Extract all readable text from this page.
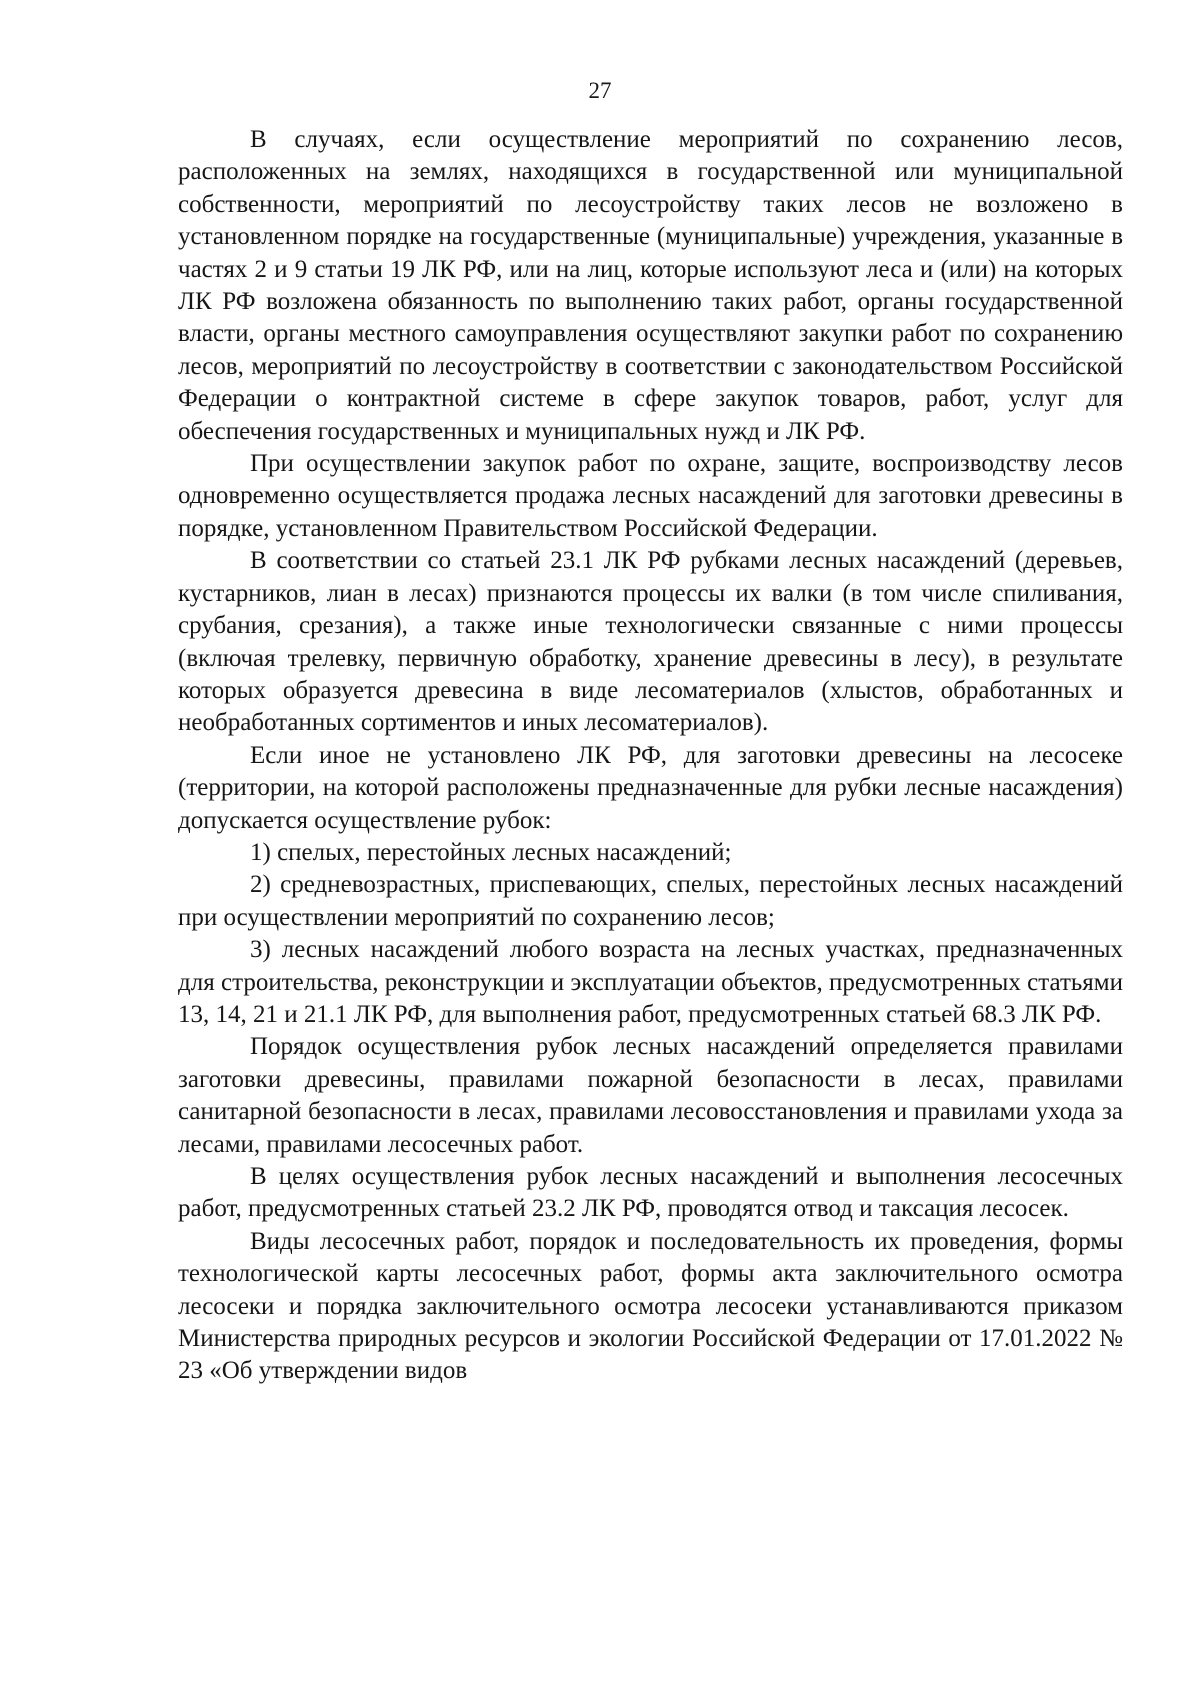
27

В случаях, если осуществление мероприятий по сохранению лесов, расположенных на землях, находящихся в государственной или муниципальной собственности, мероприятий по лесоустройству таких лесов не возложено в установленном порядке на государственные (муниципальные) учреждения, указанные в частях 2 и 9 статьи 19 ЛК РФ, или на лиц, которые используют леса и (или) на которых ЛК РФ возложена обязанность по выполнению таких работ, органы государственной власти, органы местного самоуправления осуществляют закупки работ по сохранению лесов, мероприятий по лесоустройству в соответствии с законодательством Российской Федерации о контрактной системе в сфере закупок товаров, работ, услуг для обеспечения государственных и муниципальных нужд и ЛК РФ.

При осуществлении закупок работ по охране, защите, воспроизводству лесов одновременно осуществляется продажа лесных насаждений для заготовки древесины в порядке, установленном Правительством Российской Федерации.

В соответствии со статьей 23.1 ЛК РФ рубками лесных насаждений (деревьев, кустарников, лиан в лесах) признаются процессы их валки (в том числе спиливания, срубания, срезания), а также иные технологически связанные с ними процессы (включая трелевку, первичную обработку, хранение древесины в лесу), в результате которых образуется древесина в виде лесоматериалов (хлыстов, обработанных и необработанных сортиментов и иных лесоматериалов).

Если иное не установлено ЛК РФ, для заготовки древесины на лесосеке (территории, на которой расположены предназначенные для рубки лесные насаждения) допускается осуществление рубок:

1) спелых, перестойных лесных насаждений;

2) средневозрастных, приспевающих, спелых, перестойных лесных насаждений при осуществлении мероприятий по сохранению лесов;

3) лесных насаждений любого возраста на лесных участках, предназначенных для строительства, реконструкции и эксплуатации объектов, предусмотренных статьями 13, 14, 21 и 21.1 ЛК РФ, для выполнения работ, предусмотренных статьей 68.3 ЛК РФ.

Порядок осуществления рубок лесных насаждений определяется правилами заготовки древесины, правилами пожарной безопасности в лесах, правилами санитарной безопасности в лесах, правилами лесовосстановления и правилами ухода за лесами, правилами лесосечных работ.

В целях осуществления рубок лесных насаждений и выполнения лесосечных работ, предусмотренных статьей 23.2 ЛК РФ, проводятся отвод и таксация лесосек.

Виды лесосечных работ, порядок и последовательность их проведения, формы технологической карты лесосечных работ, формы акта заключительного осмотра лесосеки и порядка заключительного осмотра лесосеки устанавливаются приказом Министерства природных ресурсов и экологии Российской Федерации от 17.01.2022 № 23 «Об утверждении видов
